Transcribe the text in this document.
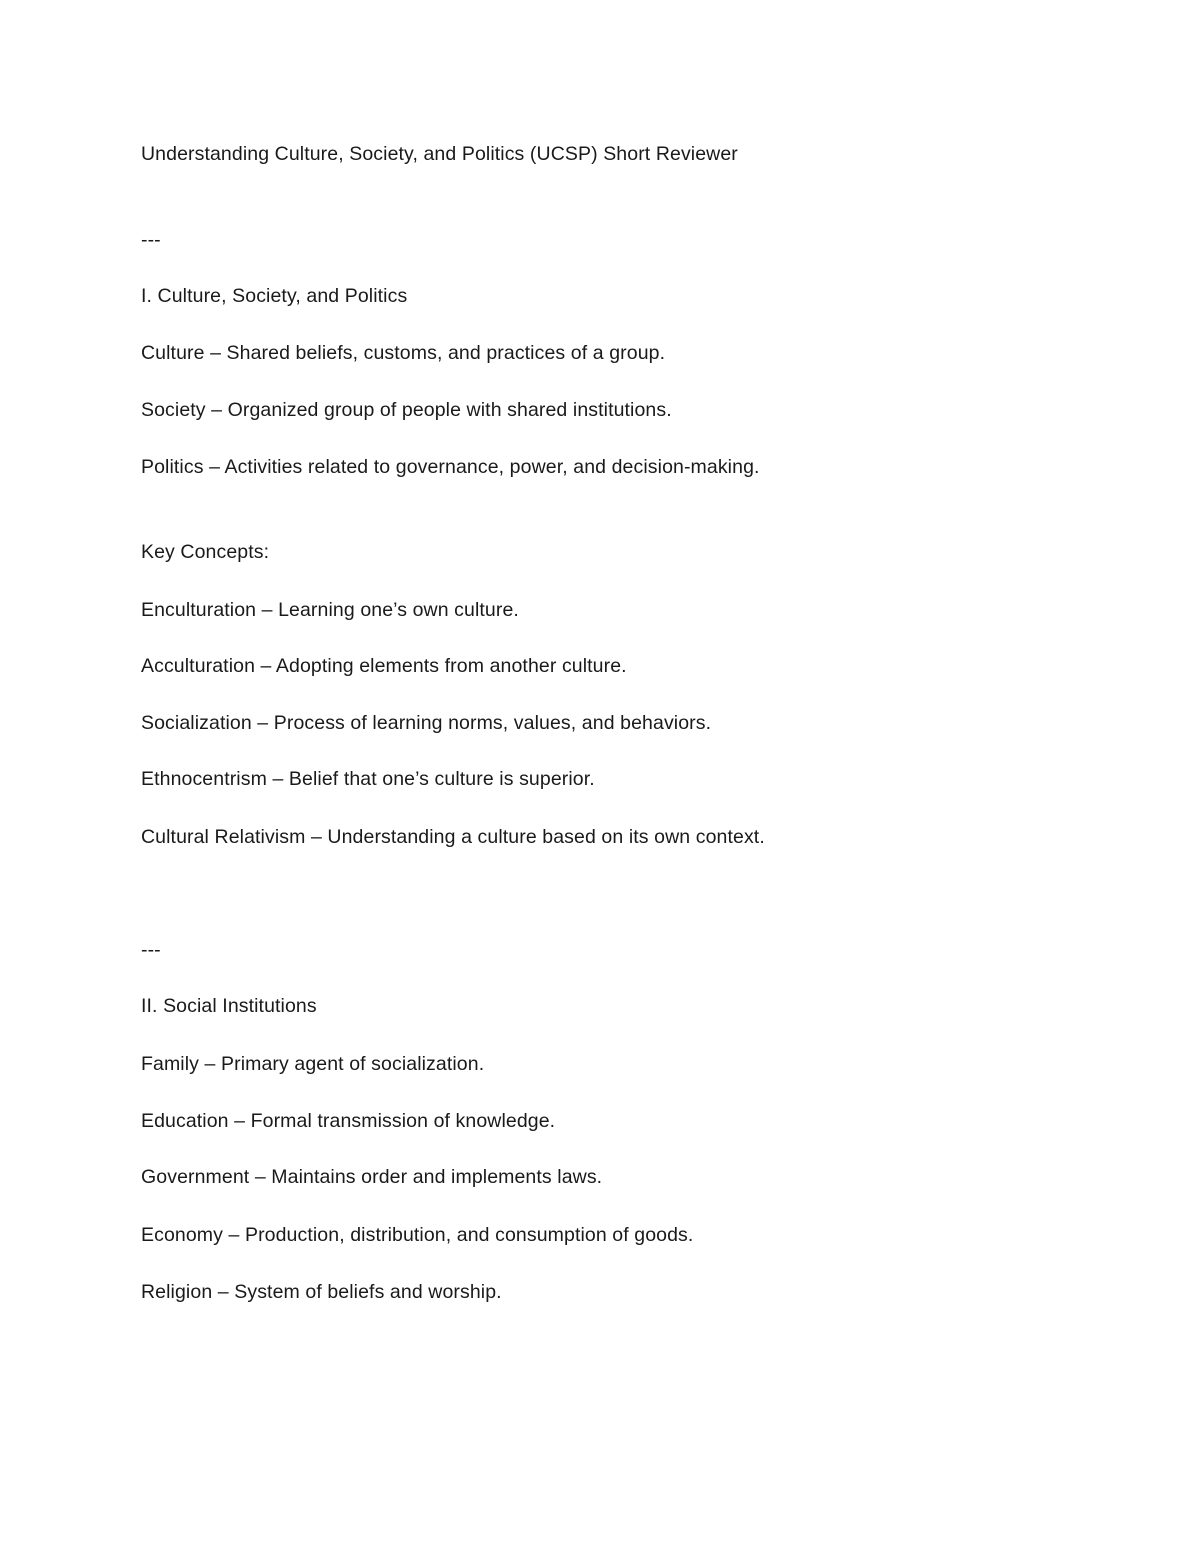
Understanding Culture, Society, and Politics (UCSP) Short Reviewer
---
I. Culture, Society, and Politics
Culture – Shared beliefs, customs, and practices of a group.
Society – Organized group of people with shared institutions.
Politics – Activities related to governance, power, and decision-making.
Key Concepts:
Enculturation – Learning one’s own culture.
Acculturation – Adopting elements from another culture.
Socialization – Process of learning norms, values, and behaviors.
Ethnocentrism – Belief that one’s culture is superior.
Cultural Relativism – Understanding a culture based on its own context.
---
II. Social Institutions
Family – Primary agent of socialization.
Education – Formal transmission of knowledge.
Government – Maintains order and implements laws.
Economy – Production, distribution, and consumption of goods.
Religion – System of beliefs and worship.
